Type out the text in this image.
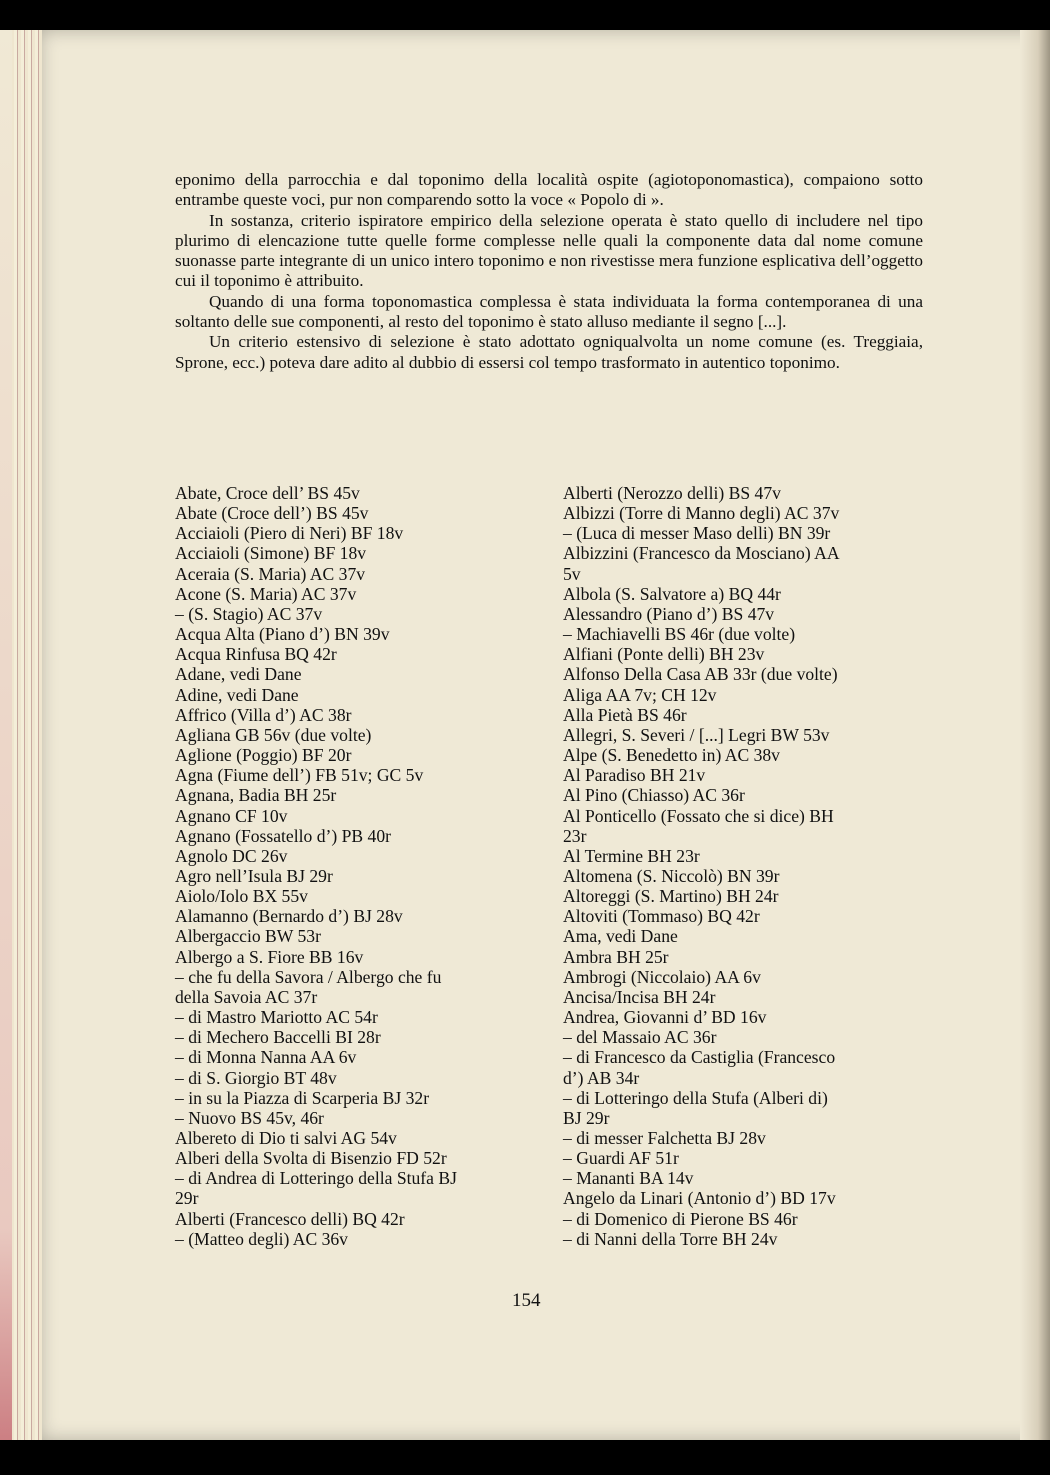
eponimo della parrocchia e dal toponimo della località ospite (agiotoponomastica), compaiono sotto entrambe queste voci, pur non comparendo sotto la voce « Popolo di ».

In sostanza, criterio ispiratore empirico della selezione operata è stato quello di includere nel tipo plurimo di elencazione tutte quelle forme complesse nelle quali la componente data dal nome comune suonasse parte integrante di un unico intero toponimo e non rivestisse mera funzione esplicativa dell’oggetto cui il toponimo è attribuito.

Quando di una forma toponomastica complessa è stata individuata la forma contemporanea di una soltanto delle sue componenti, al resto del toponimo è stato alluso mediante il segno [...].

Un criterio estensivo di selezione è stato adottato ogniqualvolta un nome comune (es. Treggiaia, Sprone, ecc.) poteva dare adito al dubbio di essersi col tempo trasformato in autentico toponimo.

Abate, Croce dell’ BS 45v
Abate (Croce dell’) BS 45v
Acciaioli (Piero di Neri) BF 18v
Acciaioli (Simone) BF 18v
Aceraia (S. Maria) AC 37v
Acone (S. Maria) AC 37v
– (S. Stagio) AC 37v
Acqua Alta (Piano d’) BN 39v
Acqua Rinfusa BQ 42r
Adane, vedi Dane
Adine, vedi Dane
Affrico (Villa d’) AC 38r
Agliana GB 56v (due volte)
Aglione (Poggio) BF 20r
Agna (Fiume dell’) FB 51v; GC 5v
Agnana, Badia BH 25r
Agnano CF 10v
Agnano (Fossatello d’) PB 40r
Agnolo DC 26v
Agro nell’Isula BJ 29r
Aiolo/Iolo BX 55v
Alamanno (Bernardo d’) BJ 28v
Albergaccio BW 53r
Albergo a S. Fiore BB 16v
– che fu della Savora / Albergo che fu
della Savoia AC 37r
– di Mastro Mariotto AC 54r
– di Mechero Baccelli BI 28r
– di Monna Nanna AA 6v
– di S. Giorgio BT 48v
– in su la Piazza di Scarperia BJ 32r
– Nuovo BS 45v, 46r
Albereto di Dio ti salvi AG 54v
Alberi della Svolta di Bisenzio FD 52r
– di Andrea di Lotteringo della Stufa BJ
29r
Alberti (Francesco delli) BQ 42r
– (Matteo degli) AC 36v
Alberti (Nerozzo delli) BS 47v
Albizzi (Torre di Manno degli) AC 37v
– (Luca di messer Maso delli) BN 39r
Albizzini (Francesco da Mosciano) AA
5v
Albola (S. Salvatore a) BQ 44r
Alessandro (Piano d’) BS 47v
– Machiavelli BS 46r (due volte)
Alfiani (Ponte delli) BH 23v
Alfonso Della Casa AB 33r (due volte)
Aliga AA 7v; CH 12v
Alla Pietà BS 46r
Allegri, S. Severi / [...] Legri BW 53v
Alpe (S. Benedetto in) AC 38v
Al Paradiso BH 21v
Al Pino (Chiasso) AC 36r
Al Ponticello (Fossato che si dice) BH
23r
Al Termine BH 23r
Altomena (S. Niccolò) BN 39r
Altoreggi (S. Martino) BH 24r
Altoviti (Tommaso) BQ 42r
Ama, vedi Dane
Ambra BH 25r
Ambrogi (Niccolaio) AA 6v
Ancisa/Incisa BH 24r
Andrea, Giovanni d’ BD 16v
– del Massaio AC 36r
– di Francesco da Castiglia (Francesco
d’) AB 34r
– di Lotteringo della Stufa (Alberi di)
BJ 29r
– di messer Falchetta BJ 28v
– Guardi AF 51r
– Mananti BA 14v
Angelo da Linari (Antonio d’) BD 17v
– di Domenico di Pierone BS 46r
– di Nanni della Torre BH 24v
154
